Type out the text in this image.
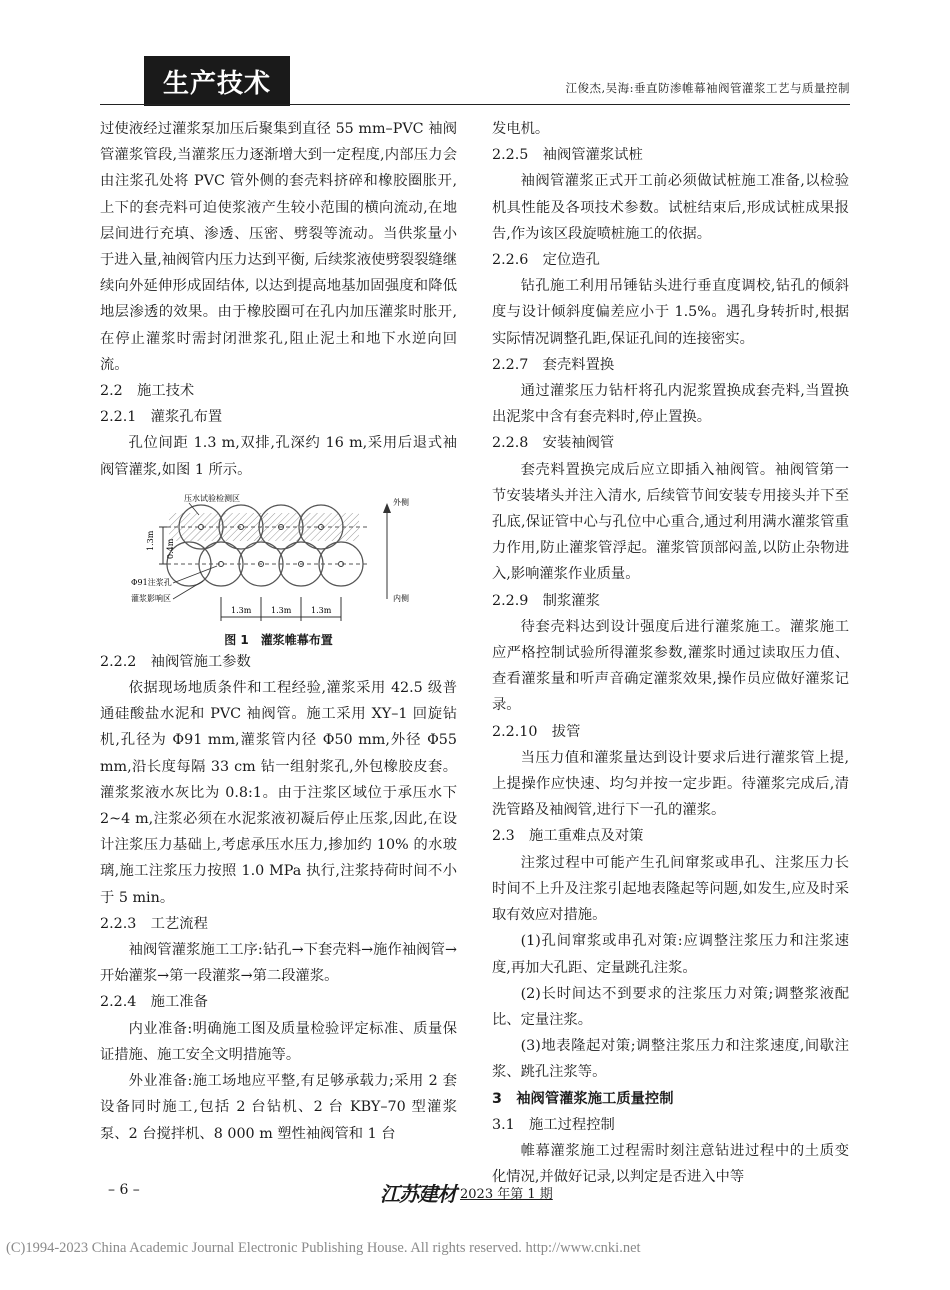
生产技术	江俊杰,吴海:垂直防渗帷幕袖阀管灌浆工艺与质量控制

过使液经过灌浆泵加压后聚集到直径 55 mm–PVC 袖阀管灌浆管段,当灌浆压力逐渐增大到一定程度,内部压力会由注浆孔处将 PVC 管外侧的套壳料挤碎和橡胶圈胀开, 上下的套壳料可迫使浆液产生较小范围的横向流动,在地层间进行充填、渗透、压密、劈裂等流动。当供浆量小于进入量,袖阀管内压力达到平衡, 后续浆液使劈裂裂缝继续向外延伸形成固结体, 以达到提高地基加固强度和降低地层渗透的效果。由于橡胶圈可在孔内加压灌浆时胀开,在停止灌浆时需封闭泄浆孔,阻止泥土和地下水逆向回流。

2.2　施工技术
2.2.1　灌浆孔布置

孔位间距 1.3 m,双排,孔深约 16 m,采用后退式袖阀管灌浆,如图 1 所示。

1.3m 0.4m
压水试验检测区
Φ91注浆孔
灌浆影响区
外侧
内侧
1.3m 1.3m 1.3m
图 1　灌浆帷幕布置
2.2.2　袖阀管施工参数

依据现场地质条件和工程经验,灌浆采用 42.5 级普通硅酸盐水泥和 PVC 袖阀管。施工采用 XY–1 回旋钻机,孔径为 Φ91 mm,灌浆管内径 Φ50 mm,外径 Φ55 mm,沿长度每隔 33 cm 钻一组射浆孔,外包橡胶皮套。灌浆浆液水灰比为 0.8:1。由于注浆区域位于承压水下 2~4 m,注浆必须在水泥浆液初凝后停止压浆,因此,在设计注浆压力基础上,考虑承压水压力,掺加约 10% 的水玻璃,施工注浆压力按照 1.0 MPa 执行,注浆持荷时间不小于 5 min。

2.2.3　工艺流程

袖阀管灌浆施工工序:钻孔→下套壳料→施作袖阀管→开始灌浆→第一段灌浆→第二段灌浆。

2.2.4　施工准备

内业准备:明确施工图及质量检验评定标准、质量保证措施、施工安全文明措施等。

外业准备:施工场地应平整,有足够承载力;采用 2 套设备同时施工,包括 2 台钻机、2 台 KBY–70 型灌浆泵、2 台搅拌机、8 000 m 塑性袖阀管和 1 台

发电机。

2.2.5　袖阀管灌浆试桩

袖阀管灌浆正式开工前必须做试桩施工准备,以检验机具性能及各项技术参数。试桩结束后,形成试桩成果报告,作为该区段旋喷桩施工的依据。

2.2.6　定位造孔

钻孔施工利用吊锤钻头进行垂直度调校,钻孔的倾斜度与设计倾斜度偏差应小于 1.5%。遇孔身转折时,根据实际情况调整孔距,保证孔间的连接密实。

2.2.7　套壳料置换

通过灌浆压力钻杆将孔内泥浆置换成套壳料,当置换出泥浆中含有套壳料时,停止置换。

2.2.8　安装袖阀管

套壳料置换完成后应立即插入袖阀管。袖阀管第一节安装堵头并注入清水, 后续管节间安装专用接头并下至孔底,保证管中心与孔位中心重合,通过利用满水灌浆管重力作用,防止灌浆管浮起。灌浆管顶部闷盖,以防止杂物进入,影响灌浆作业质量。

2.2.9　制浆灌浆

待套壳料达到设计强度后进行灌浆施工。灌浆施工应严格控制试验所得灌浆参数,灌浆时通过读取压力值、查看灌浆量和听声音确定灌浆效果,操作员应做好灌浆记录。

2.2.10　拔管

当压力值和灌浆量达到设计要求后进行灌浆管上提,上提操作应快速、均匀并按一定步距。待灌浆完成后,清洗管路及袖阀管,进行下一孔的灌浆。

2.3　施工重难点及对策

注浆过程中可能产生孔间窜浆或串孔、注浆压力长时间不上升及注浆引起地表隆起等问题,如发生,应及时采取有效应对措施。

(1)孔间窜浆或串孔对策:应调整注浆压力和注浆速度,再加大孔距、定量跳孔注浆。

(2)长时间达不到要求的注浆压力对策;调整浆液配比、定量注浆。

(3)地表隆起对策;调整注浆压力和注浆速度,间歇注浆、跳孔注浆等。

3　袖阀管灌浆施工质量控制
3.1　施工过程控制

帷幕灌浆施工过程需时刻注意钻进过程中的土质变化情况,并做好记录,以判定是否进入中等

– 6 –	江苏建材 2023 年第 1 期
(C)1994-2023 China Academic Journal Electronic Publishing House. All rights reserved. http://www.cnki.net
